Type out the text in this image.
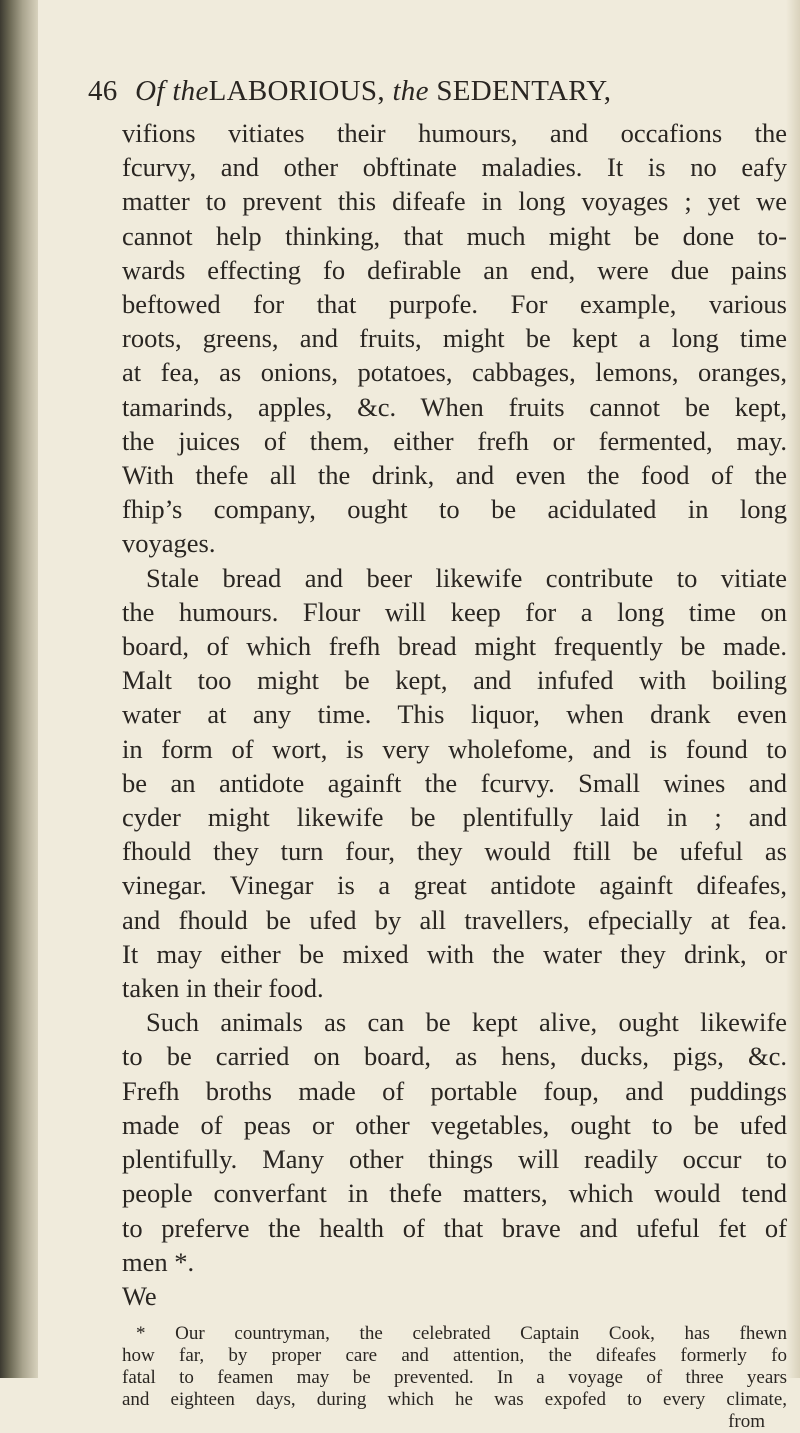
46 Of theLABORIOUS, the SEDENTARY,

vifions vitiates their humours, and occafions the
fcurvy, and other obftinate maladies. It is no eafy
matter to prevent this difeafe in long voyages ; yet we
cannot help thinking, that much might be done to-
wards effecting fo defirable an end, were due pains
beftowed for that purpofe. For example, various
roots, greens, and fruits, might be kept a long time
at fea, as onions, potatoes, cabbages, lemons, oranges,
tamarinds, apples, &c. When fruits cannot be kept,
the juices of them, either frefh or fermented, may.
With thefe all the drink, and even the food of the
fhip’s company, ought to be acidulated in long
voyages.

Stale bread and beer likewife contribute to vitiate
the humours. Flour will keep for a long time on
board, of which frefh bread might frequently be made.
Malt too might be kept, and infufed with boiling
water at any time. This liquor, when drank even
in form of wort, is very wholefome, and is found to
be an antidote againft the fcurvy. Small wines and
cyder might likewife be plentifully laid in ; and
fhould they turn four, they would ftill be ufeful as
vinegar. Vinegar is a great antidote againft difeafes,
and fhould be ufed by all travellers, efpecially at fea.
It may either be mixed with the water they drink, or
taken in their food.

Such animals as can be kept alive, ought likewife
to be carried on board, as hens, ducks, pigs, &c.
Frefh broths made of portable foup, and puddings
made of peas or other vegetables, ought to be ufed
plentifully. Many other things will readily occur to
people converfant in thefe matters, which would tend
to preferve the health of that brave and ufeful fet of
men *.

We
* Our countryman, the celebrated Captain Cook, has fhewn
how far, by proper care and attention, the difeafes formerly fo
fatal to feamen may be prevented. In a voyage of three years
and eighteen days, during which he was expofed to every climate,
from
